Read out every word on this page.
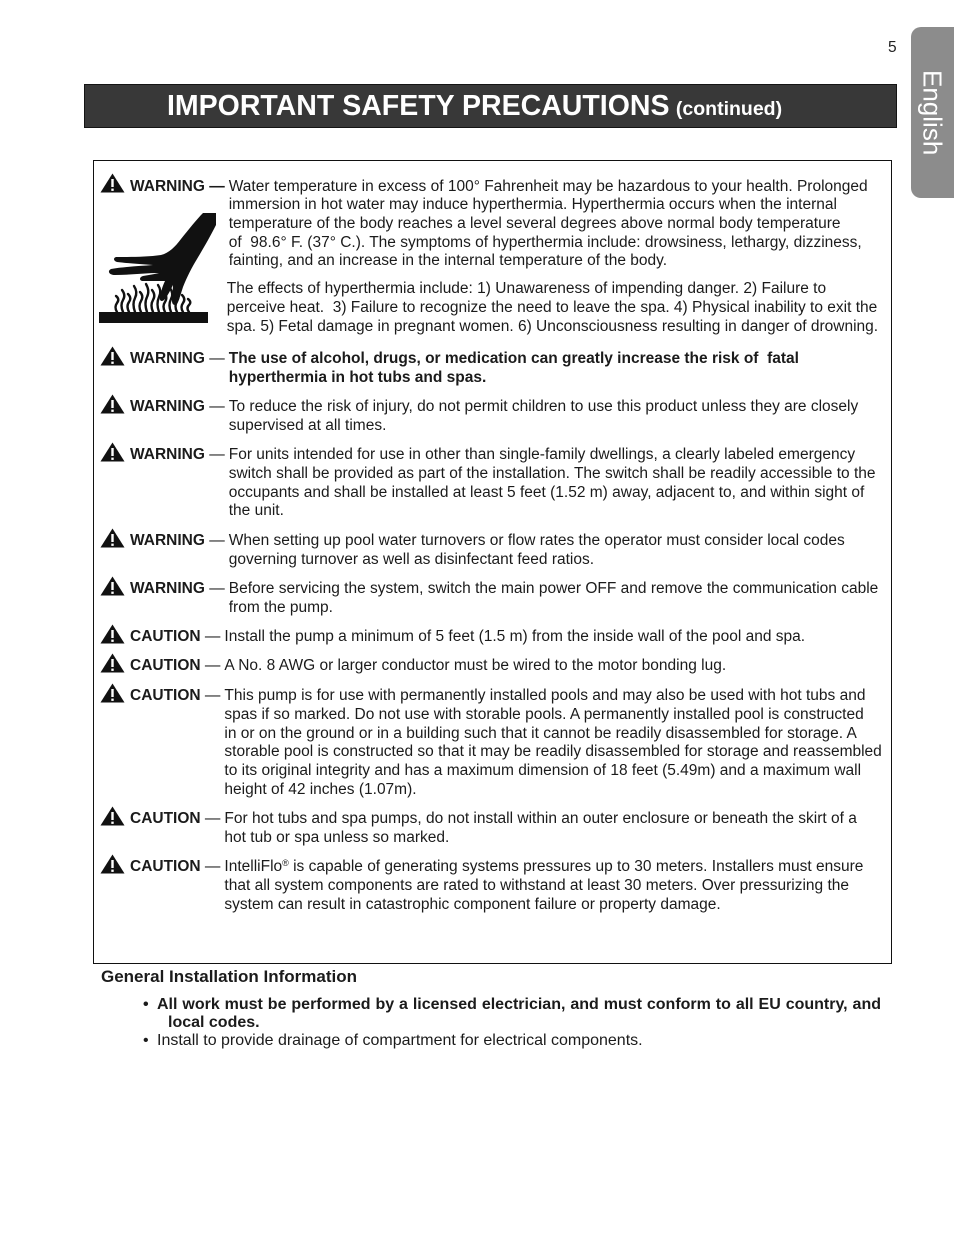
5
English
IMPORTANT SAFETY PRECAUTIONS (continued)
WARNING — Water temperature in excess of 100° Fahrenheit may be hazardous to your health. Prolonged
immersion in hot water may induce hyperthermia. Hyperthermia occurs when the internal
temperature of the body reaches a level several degrees above normal body temperature
of  98.6° F. (37° C.). The symptoms of hyperthermia include: drowsiness, lethargy, dizziness,
fainting, and an increase in the internal temperature of the body.
The effects of hyperthermia include: 1) Unawareness of impending danger. 2) Failure to
perceive heat.  3) Failure to recognize the need to leave the spa. 4) Physical inability to exit the
spa. 5) Fetal damage in pregnant women. 6) Unconsciousness resulting in danger of drowning.
WARNING — The use of alcohol, drugs, or medication can greatly increase the risk of  fatal
hyperthermia in hot tubs and spas.
WARNING — To reduce the risk of injury, do not permit children to use this product unless they are closely
supervised at all times.
WARNING — For units intended for use in other than single-family dwellings, a clearly labeled emergency
switch shall be provided as part of the installation. The switch shall be readily accessible to the
occupants and shall be installed at least 5 feet (1.52 m) away, adjacent to, and within sight of
the unit.
WARNING — When setting up pool water turnovers or flow rates the operator must consider local codes
governing turnover as well as disinfectant feed ratios.
WARNING — Before servicing the system, switch the main power OFF and remove the communication cable
from the pump.
CAUTION — Install the pump a minimum of 5 feet (1.5 m) from the inside wall of the pool and spa.
CAUTION — A No. 8 AWG or larger conductor must be wired to the motor bonding lug.
CAUTION — This pump is for use with permanently installed pools and may also be used with hot tubs and
spas if so marked. Do not use with storable pools. A permanently installed pool is constructed
in or on the ground or in a building such that it cannot be readily disassembled for storage. A
storable pool is constructed so that it may be readily disassembled for storage and reassembled
to its original integrity and has a maximum dimension of 18 feet (5.49m) and a maximum wall
height of 42 inches (1.07m).
CAUTION — For hot tubs and spa pumps, do not install within an outer enclosure or beneath the skirt of a
hot tub or spa unless so marked.
CAUTION — IntelliFlo® is capable of generating systems pressures up to 30 meters. Installers must ensure
that all system components are rated to withstand at least 30 meters. Over pressurizing the
system can result in catastrophic component failure or property damage.
General Installation Information
• All work must be performed by a licensed electrician, and must conform to all EU country, and
local codes.
• Install to provide drainage of compartment for electrical components.
